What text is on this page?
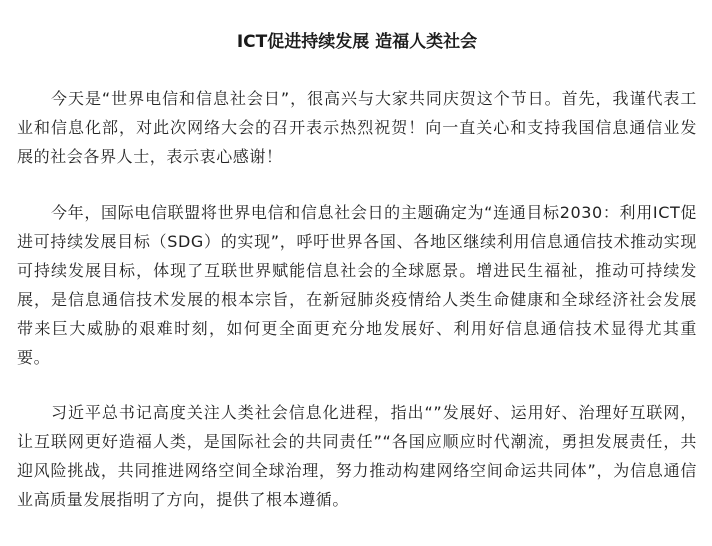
ICT促进持续发展 造福人类社会

今天是“世界电信和信息社会日”，很高兴与大家共同庆贺这个节日。首先，我谨代表工业和信息化部，对此次网络大会的召开表示热烈祝贺！向一直关心和支持我国信息通信业发展的社会各界人士，表示衷心感谢！

今年，国际电信联盟将世界电信和信息社会日的主题确定为“连通目标2030：利用ICT促进可持续发展目标（SDG）的实现”，呼吁世界各国、各地区继续利用信息通信技术推动实现可持续发展目标，体现了互联世界赋能信息社会的全球愿景。增进民生福祉，推动可持续发展，是信息通信技术发展的根本宗旨，在新冠肺炎疫情给人类生命健康和全球经济社会发展带来巨大威胁的艰难时刻，如何更全面更充分地发展好、利用好信息通信技术显得尤其重要。

习近平总书记高度关注人类社会信息化进程，指出“”发展好、运用好、治理好互联网，让互联网更好造福人类，是国际社会的共同责任”“各国应顺应时代潮流，勇担发展责任，共迎风险挑战，共同推进网络空间全球治理，努力推动构建网络空间命运共同体”，为信息通信业高质量发展指明了方向，提供了根本遵循。
